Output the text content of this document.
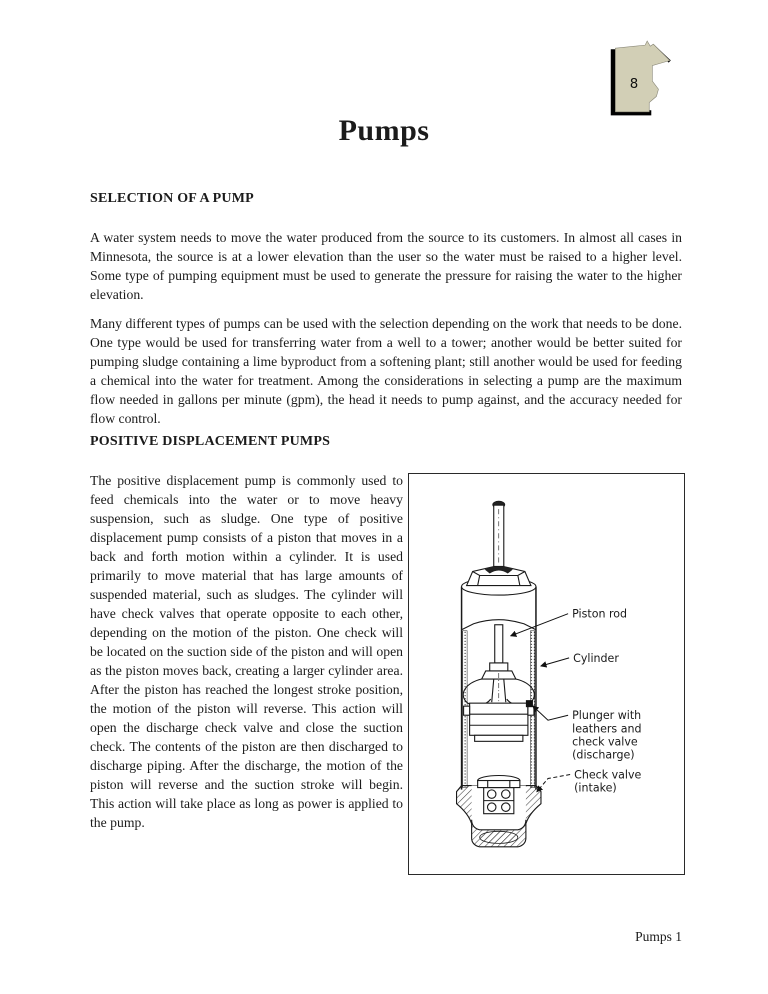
8
Pumps
SELECTION OF A PUMP

A water system needs to move the water produced from the source to its customers. In almost all cases in Minnesota, the source is at a lower elevation than the user so the water must be raised to a higher level. Some type of pumping equipment must be used to generate the pressure for raising the water to the higher elevation.

Many different types of pumps can be used with the selection depending on the work that needs to be done. One type would be used for transferring water from a well to a tower; another would be better suited for pumping sludge containing a lime byproduct from a softening plant; still another would be used for feeding a chemical into the water for treatment. Among the considerations in selecting a pump are the maximum flow needed in gallons per minute (gpm), the head it needs to pump against, and the accuracy needed for flow control.

POSITIVE DISPLACEMENT PUMPS

The positive displacement pump is commonly used to feed chemicals into the water or to move heavy suspension, such as sludge. One type of positive displacement pump consists of a piston that moves in a back and forth motion within a cylinder. It is used primarily to move material that has large amounts of suspended material, such as sludges. The cylinder will have check valves that operate opposite to each other, depending on the motion of the piston. One check will be located on the suction side of the piston and will open as the piston moves back, creating a larger cylinder area. After the piston has reached the longest stroke position, the motion of the piston will reverse. This action will open the discharge check valve and close the suction check. The contents of the piston are then discharged to discharge piping. After the discharge, the motion of the piston will reverse and the suction stroke will begin. This action will take place as long as power is applied to the pump.

Piston rod
Cylinder
Plunger with
leathers and
check valve
(discharge)
Check valve
(intake)
Pumps 1
